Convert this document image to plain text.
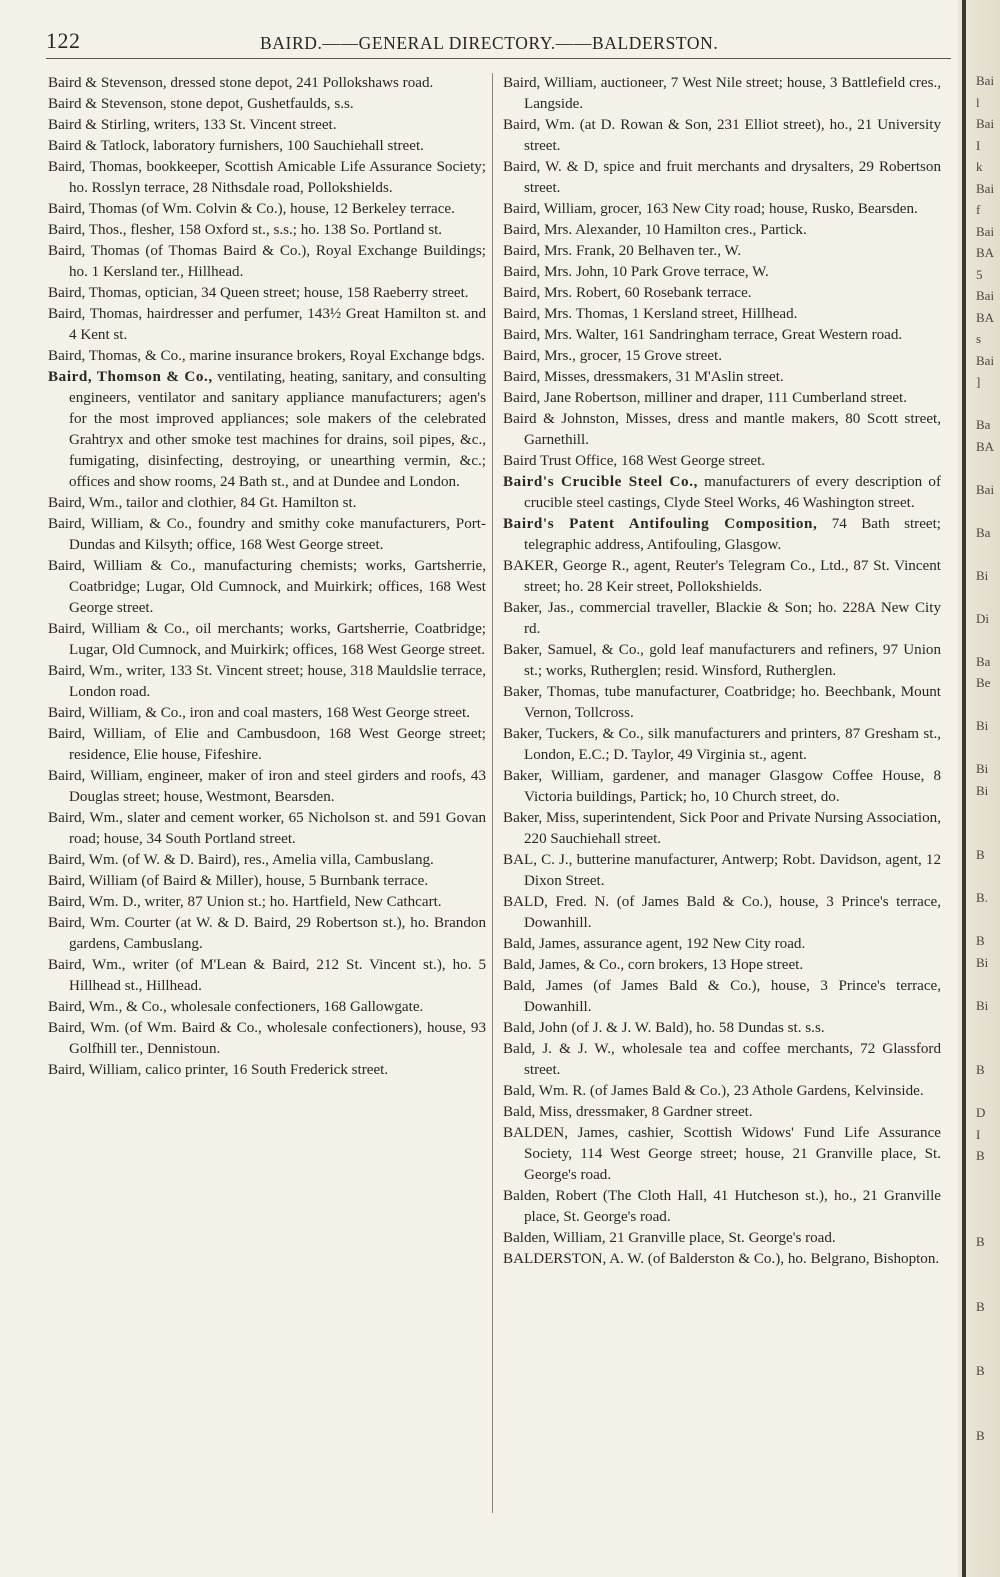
122	BAIRD.——GENERAL DIRECTORY.——BALDERSTON.

Baird & Stevenson, dressed stone depot, 241 Pollokshaws road.

Baird & Stevenson, stone depot, Gushetfaulds, s.s.

Baird & Stirling, writers, 133 St. Vincent street.

Baird & Tatlock, laboratory furnishers, 100 Sauchiehall street.

Baird, Thomas, bookkeeper, Scottish Amicable Life Assurance Society; ho. Rosslyn terrace, 28 Nithsdale road, Pollokshields.

Baird, Thomas (of Wm. Colvin & Co.), house, 12 Berkeley terrace.

Baird, Thos., flesher, 158 Oxford st., s.s.; ho. 138 So. Portland st.

Baird, Thomas (of Thomas Baird & Co.), Royal Exchange Buildings; ho. 1 Kersland ter., Hillhead.

Baird, Thomas, optician, 34 Queen street; house, 158 Raeberry street.

Baird, Thomas, hairdresser and perfumer, 143½ Great Hamilton st. and 4 Kent st.

Baird, Thomas, & Co., marine insurance brokers, Royal Exchange bdgs.

Baird, Thomson & Co., ventilating, heating, sanitary, and consulting engineers, ventilator and sanitary appliance manufacturers; agen's for the most improved appliances; sole makers of the celebrated Grahtryx and other smoke test machines for drains, soil pipes, &c., fumigating, disinfecting, destroying, or unearthing vermin, &c.; offices and show rooms, 24 Bath st., and at Dundee and London.

Baird, Wm., tailor and clothier, 84 Gt. Hamilton st.

Baird, William, & Co., foundry and smithy coke manufacturers, Port-Dundas and Kilsyth; office, 168 West George street.

Baird, William & Co., manufacturing chemists; works, Gartsherrie, Coatbridge; Lugar, Old Cumnock, and Muirkirk; offices, 168 West George street.

Baird, William & Co., oil merchants; works, Gartsherrie, Coatbridge; Lugar, Old Cumnock, and Muirkirk; offices, 168 West George street.

Baird, Wm., writer, 133 St. Vincent street; house, 318 Mauldslie terrace, London road.

Baird, William, & Co., iron and coal masters, 168 West George street.

Baird, William, of Elie and Cambusdoon, 168 West George street; residence, Elie house, Fifeshire.

Baird, William, engineer, maker of iron and steel girders and roofs, 43 Douglas street; house, Westmont, Bearsden.

Baird, Wm., slater and cement worker, 65 Nicholson st. and 591 Govan road; house, 34 South Portland street.

Baird, Wm. (of W. & D. Baird), res., Amelia villa, Cambuslang.

Baird, William (of Baird & Miller), house, 5 Burnbank terrace.

Baird, Wm. D., writer, 87 Union st.; ho. Hartfield, New Cathcart.

Baird, Wm. Courter (at W. & D. Baird, 29 Robertson st.), ho. Brandon gardens, Cambuslang.

Baird, Wm., writer (of M'Lean & Baird, 212 St. Vincent st.), ho. 5 Hillhead st., Hillhead.

Baird, Wm., & Co., wholesale confectioners, 168 Gallowgate.

Baird, Wm. (of Wm. Baird & Co., wholesale confectioners), house, 93 Golfhill ter., Dennistoun.

Baird, William, calico printer, 16 South Frederick street.

Baird, William, auctioneer, 7 West Nile street; house, 3 Battlefield cres., Langside.

Baird, Wm. (at D. Rowan & Son, 231 Elliot street), ho., 21 University street.

Baird, W. & D, spice and fruit merchants and drysalters, 29 Robertson street.

Baird, William, grocer, 163 New City road; house, Rusko, Bearsden.

Baird, Mrs. Alexander, 10 Hamilton cres., Partick.

Baird, Mrs. Frank, 20 Belhaven ter., W.

Baird, Mrs. John, 10 Park Grove terrace, W.

Baird, Mrs. Robert, 60 Rosebank terrace.

Baird, Mrs. Thomas, 1 Kersland street, Hillhead.

Baird, Mrs. Walter, 161 Sandringham terrace, Great Western road.

Baird, Mrs., grocer, 15 Grove street.

Baird, Misses, dressmakers, 31 M'Aslin street.

Baird, Jane Robertson, milliner and draper, 111 Cumberland street.

Baird & Johnston, Misses, dress and mantle makers, 80 Scott street, Garnethill.

Baird Trust Office, 168 West George street.

Baird's Crucible Steel Co., manufacturers of every description of crucible steel castings, Clyde Steel Works, 46 Washington street.

Baird's Patent Antifouling Composition, 74 Bath street; telegraphic address, Antifouling, Glasgow.

BAKER, George R., agent, Reuter's Telegram Co., Ltd., 87 St. Vincent street; ho. 28 Keir street, Pollokshields.

Baker, Jas., commercial traveller, Blackie & Son; ho. 228A New City rd.

Baker, Samuel, & Co., gold leaf manufacturers and refiners, 97 Union st.; works, Rutherglen; resid. Winsford, Rutherglen.

Baker, Thomas, tube manufacturer, Coatbridge; ho. Beechbank, Mount Vernon, Tollcross.

Baker, Tuckers, & Co., silk manufacturers and printers, 87 Gresham st., London, E.C.; D. Taylor, 49 Virginia st., agent.

Baker, William, gardener, and manager Glasgow Coffee House, 8 Victoria buildings, Partick; ho, 10 Church street, do.

Baker, Miss, superintendent, Sick Poor and Private Nursing Association, 220 Sauchiehall street.

BAL, C. J., butterine manufacturer, Antwerp; Robt. Davidson, agent, 12 Dixon Street.

BALD, Fred. N. (of James Bald & Co.), house, 3 Prince's terrace, Dowanhill.

Bald, James, assurance agent, 192 New City road.

Bald, James, & Co., corn brokers, 13 Hope street.

Bald, James (of James Bald & Co.), house, 3 Prince's terrace, Dowanhill.

Bald, John (of J. & J. W. Bald), ho. 58 Dundas st. s.s.

Bald, J. & J. W., wholesale tea and coffee merchants, 72 Glassford street.

Bald, Wm. R. (of James Bald & Co.), 23 Athole Gardens, Kelvinside.

Bald, Miss, dressmaker, 8 Gardner street.

BALDEN, James, cashier, Scottish Widows' Fund Life Assurance Society, 114 West George street; house, 21 Granville place, St. George's road.

Balden, Robert (The Cloth Hall, 41 Hutcheson st.), ho., 21 Granville place, St. George's road.

Balden, William, 21 Granville place, St. George's road.

BALDERSTON, A. W. (of Balderston & Co.), ho. Belgrano, Bishopton.

Bai
l
Bai
I
k
Bai
f
Bai
BA
5
Bai
BA
s
Bai
]

Ba
BA

Bai

Ba

Bi

Di

Ba
Be

Bi

Bi
Bi

B

B.

B
Bi

Bi

B

D
I
B

B

B

B

B
